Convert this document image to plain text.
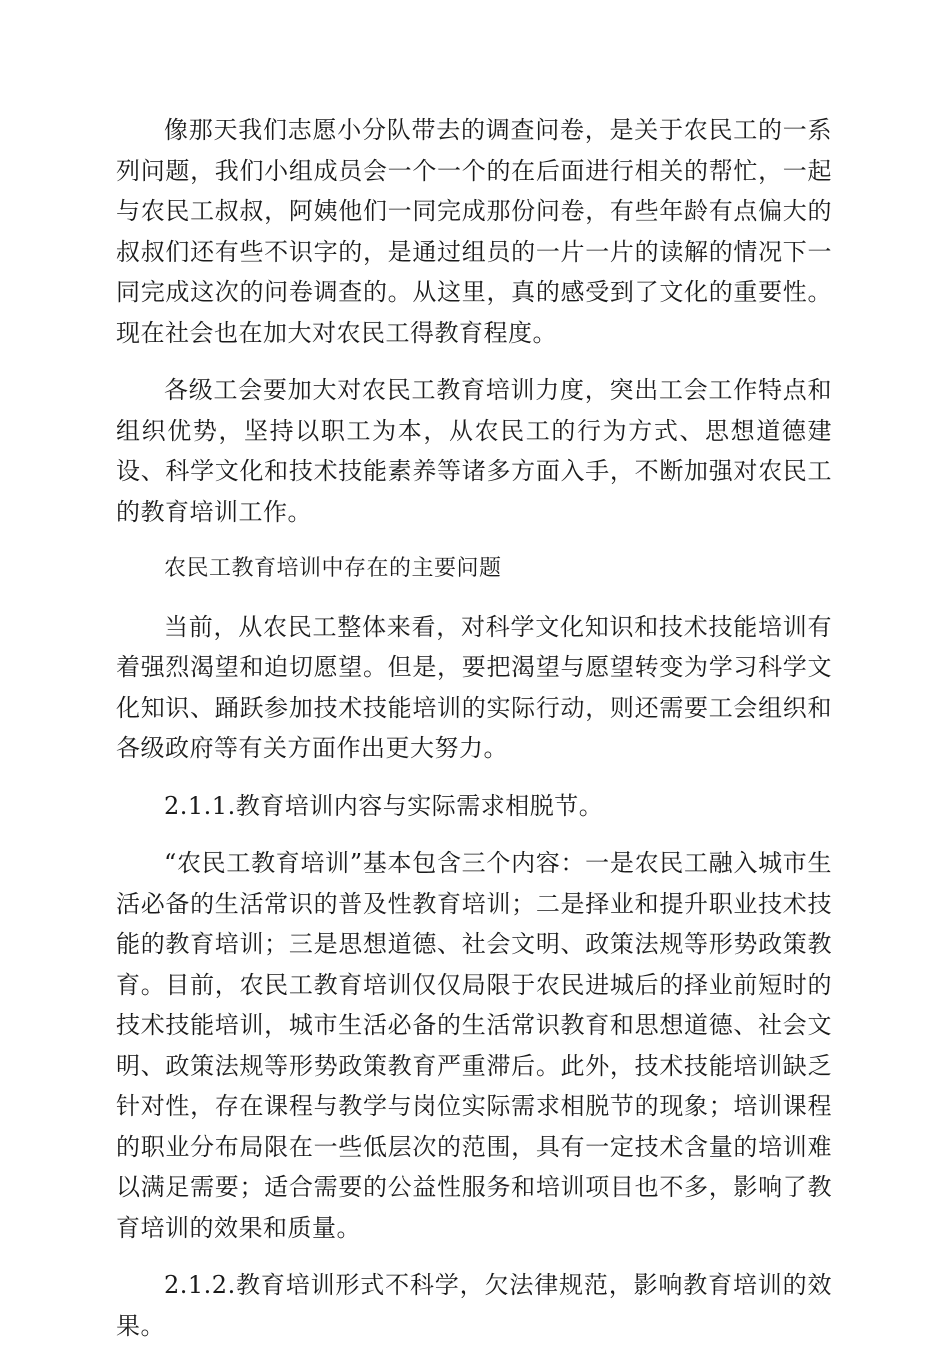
像那天我们志愿小分队带去的调查问卷，是关于农民工的一系列问题，我们小组成员会一个一个的在后面进行相关的帮忙，一起与农民工叔叔，阿姨他们一同完成那份问卷，有些年龄有点偏大的叔叔们还有些不识字的，是通过组员的一片一片的读解的情况下一同完成这次的问卷调查的。从这里，真的感受到了文化的重要性。现在社会也在加大对农民工得教育程度。

各级工会要加大对农民工教育培训力度，突出工会工作特点和组织优势，坚持以职工为本，从农民工的行为方式、思想道德建设、科学文化和技术技能素养等诸多方面入手，不断加强对农民工的教育培训工作。

农民工教育培训中存在的主要问题

当前，从农民工整体来看，对科学文化知识和技术技能培训有着强烈渴望和迫切愿望。但是，要把渴望与愿望转变为学习科学文化知识、踊跃参加技术技能培训的实际行动，则还需要工会组织和各级政府等有关方面作出更大努力。

2.1.1.教育培训内容与实际需求相脱节。

“农民工教育培训”基本包含三个内容：一是农民工融入城市生活必备的生活常识的普及性教育培训；二是择业和提升职业技术技能的教育培训；三是思想道德、社会文明、政策法规等形势政策教育。目前，农民工教育培训仅仅局限于农民进城后的择业前短时的技术技能培训，城市生活必备的生活常识教育和思想道德、社会文明、政策法规等形势政策教育严重滞后。此外，技术技能培训缺乏针对性，存在课程与教学与岗位实际需求相脱节的现象；培训课程的职业分布局限在一些低层次的范围，具有一定技术含量的培训难以满足需要；适合需要的公益性服务和培训项目也不多，影响了教育培训的效果和质量。

2.1.2.教育培训形式不科学，欠法律规范，影响教育培训的效果。
